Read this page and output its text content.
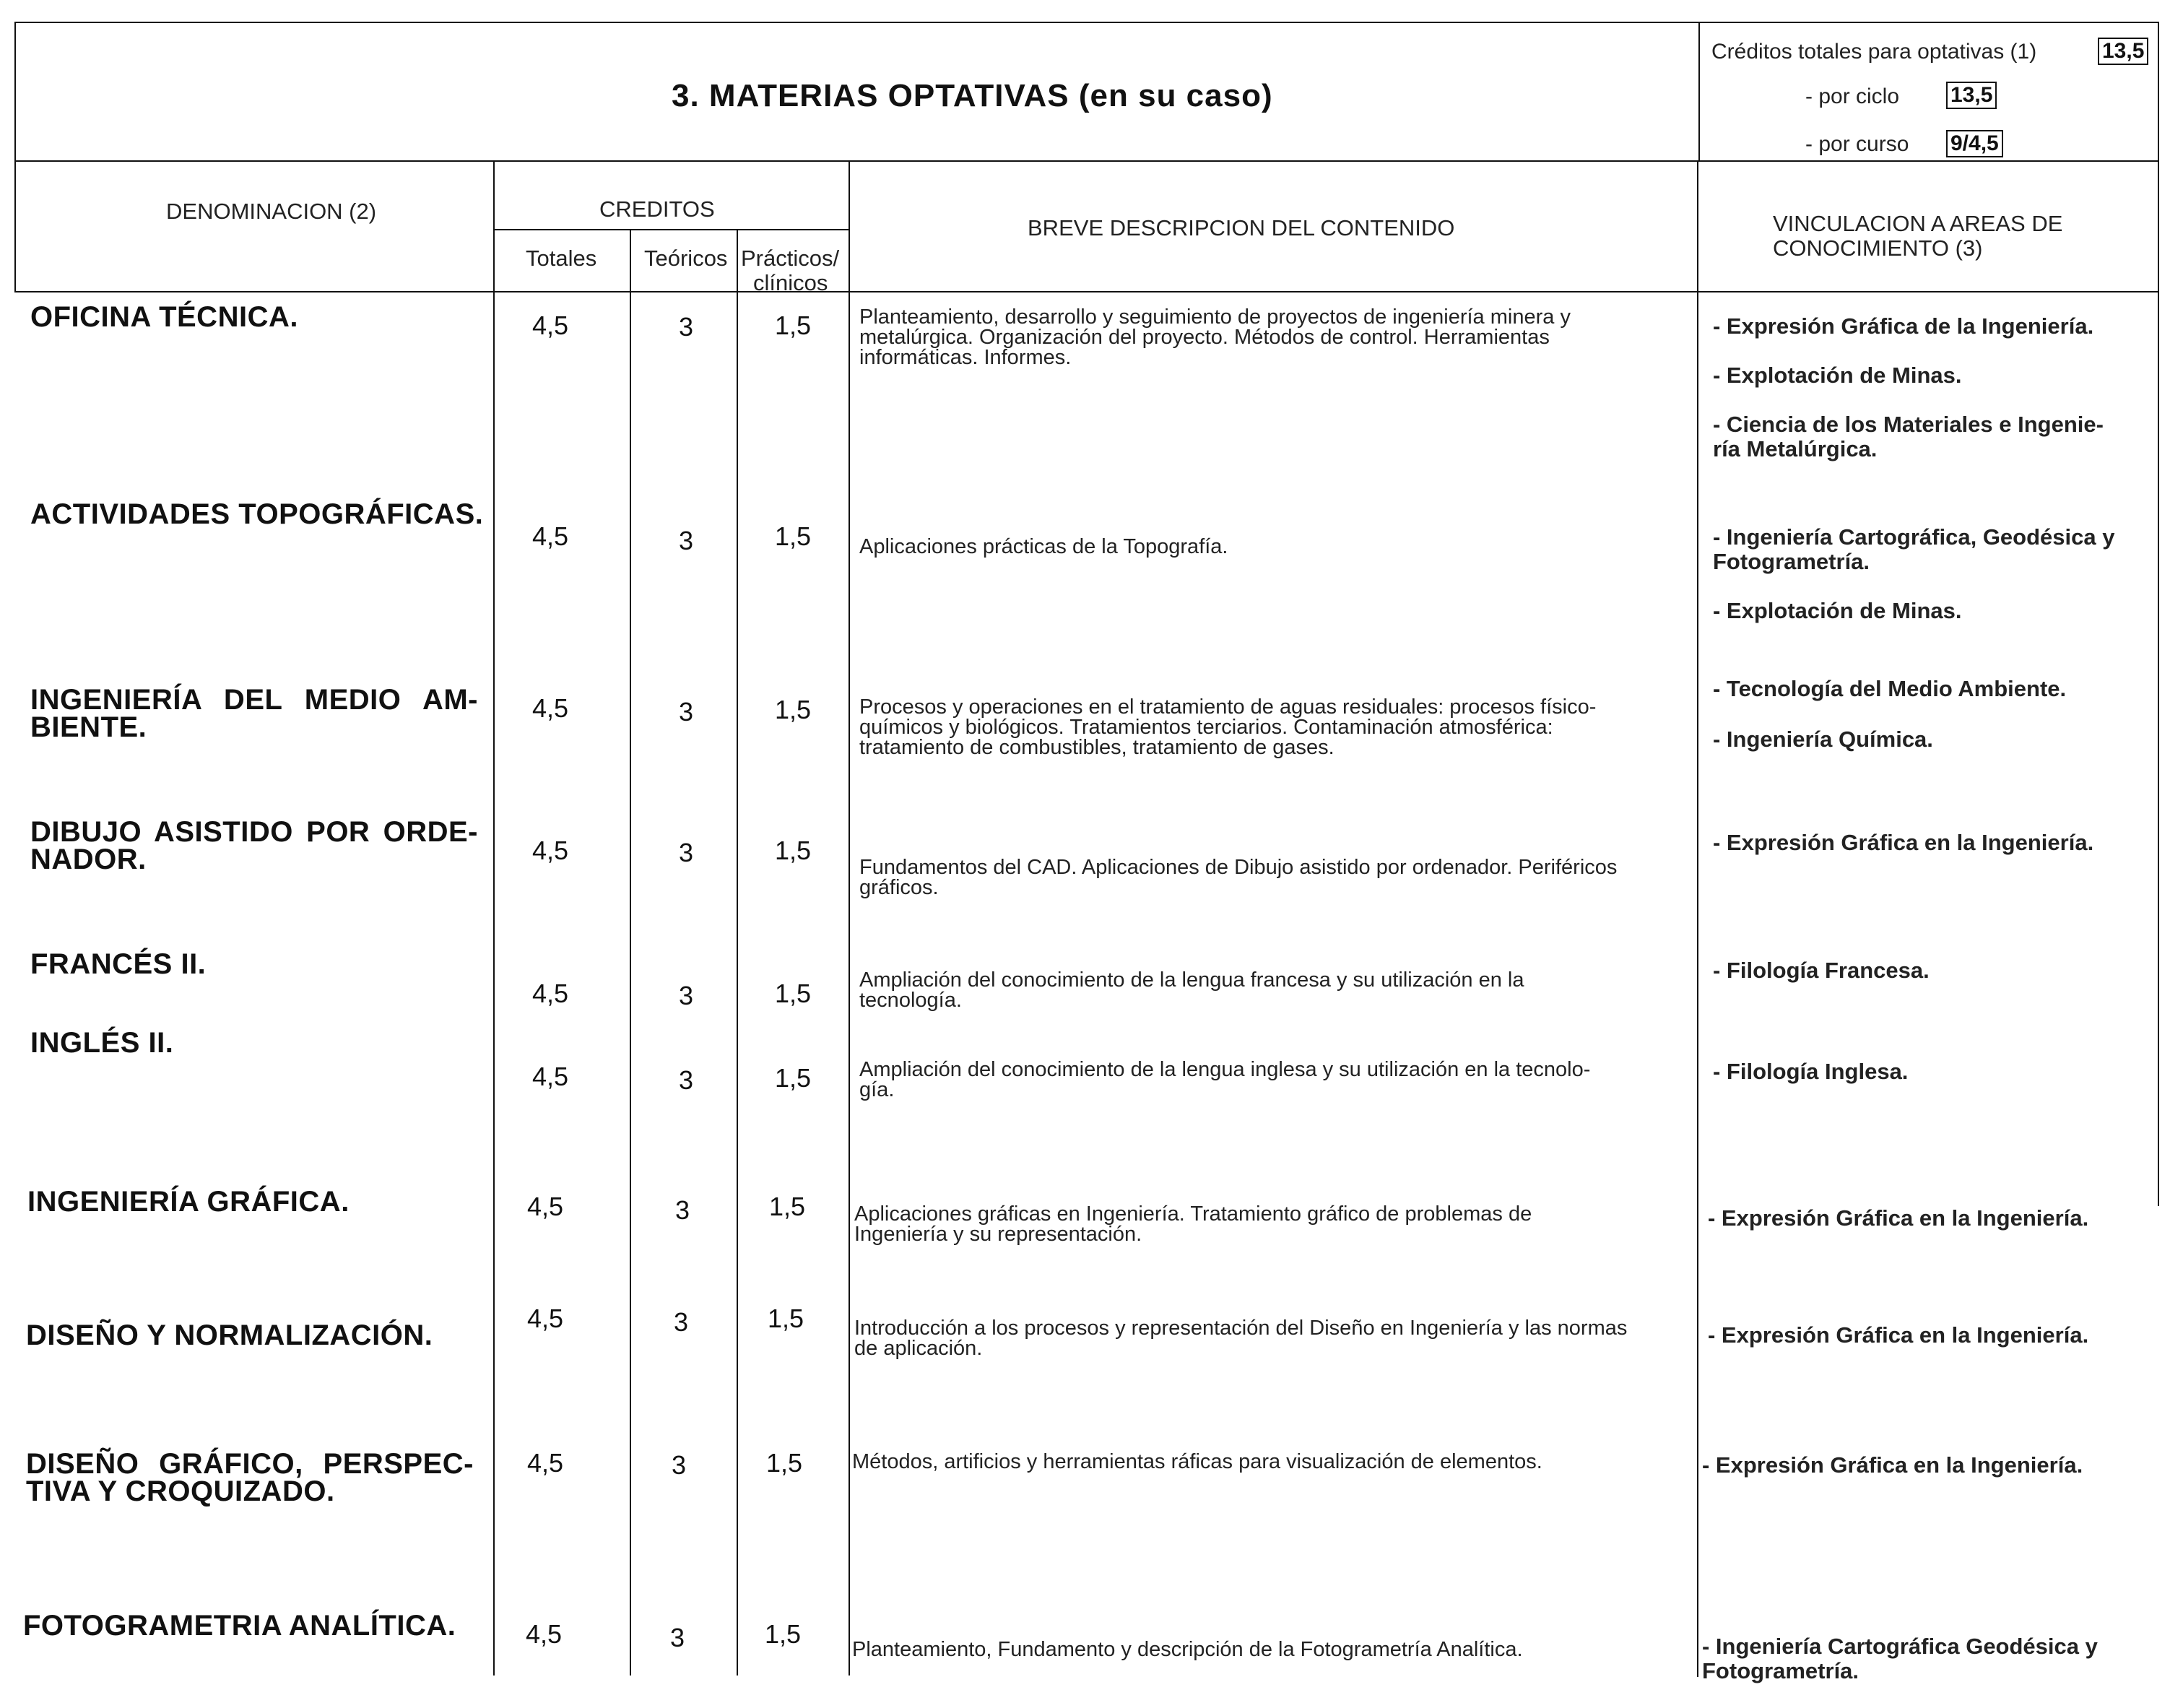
3. MATERIAS OPTATIVAS (en su caso)
Créditos totales para optativas (1)	13,5
- por ciclo 13,5
- por curso 9/4,5
DENOMINACION (2)	CREDITOS
Totales Teóricos Prácticos/
clínicos
BREVE DESCRIPCION DEL CONTENIDO	VINCULACION A AREAS DE
CONOCIMIENTO (3)
OFICINA TÉCNICA.	4,5	3	1,5	Planteamiento, desarrollo y seguimiento de proyectos de ingeniería minera y
metalúrgica. Organización del proyecto. Métodos de control. Herramientas
informáticas. Informes.
- Expresión Gráfica de la Ingeniería.
- Explotación de Minas.
- Ciencia de los Materiales e Ingenie-
ría Metalúrgica.
ACTIVIDADES TOPOGRÁFICAS.
4,5	3	1,5	Aplicaciones prácticas de la Topografía.	- Ingeniería Cartográfica, Geodésica y
Fotogrametría.
- Explotación de Minas.
INGENIERÍA DEL MEDIO AM-
BIENTE.
4,5	3	1,5	Procesos y operaciones en el tratamiento de aguas residuales: procesos físico-
químicos y biológicos. Tratamientos terciarios. Contaminación atmosférica:
tratamiento de combustibles, tratamiento de gases.
- Tecnología del Medio Ambiente.
- Ingeniería Química.
DIBUJO ASISTIDO POR ORDE-
NADOR.	4,5	3	1,5
Fundamentos del CAD. Aplicaciones de Dibujo asistido por ordenador. Periféricos
gráficos.
- Expresión Gráfica en la Ingeniería.
FRANCÉS II.
4,5	3	1,5	Ampliación del conocimiento de la lengua francesa y su utilización en la
tecnología.
- Filología Francesa.
INGLÉS II.
4,5	3	1,5	Ampliación del conocimiento de la lengua inglesa y su utilización en la tecnolo-
gía.
- Filología Inglesa.
INGENIERÍA GRÁFICA.	4,5	3	1,5	Aplicaciones gráficas en Ingeniería. Tratamiento gráfico de problemas de
Ingeniería y su representación.
- Expresión Gráfica en la Ingeniería.
DISEÑO Y NORMALIZACIÓN.
4,5	3	1,5	Introducción a los procesos y representación del Diseño en Ingeniería y las normas
de aplicación.
- Expresión Gráfica en la Ingeniería.
DISEÑO GRÁFICO, PERSPEC-
TIVA Y CROQUIZADO.
4,5	3	1,5	Métodos, artificios y herramientas ráficas para visualización de elementos.	- Expresión Gráfica en la Ingeniería.
FOTOGRAMETRIA ANALÍTICA.	4,5	3	1,5
Planteamiento, Fundamento y descripción de la Fotogrametría Analítica.	- Ingeniería Cartográfica Geodésica y
Fotogrametría.
